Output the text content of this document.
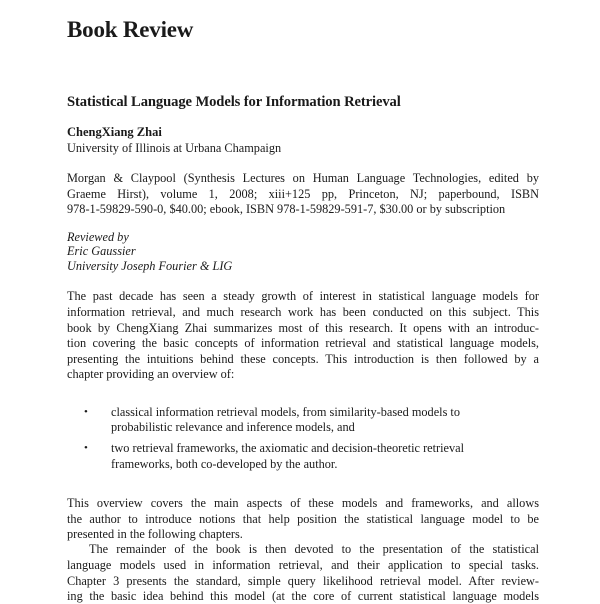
Book Review
Statistical Language Models for Information Retrieval
ChengXiang Zhai
University of Illinois at Urbana Champaign
Morgan & Claypool (Synthesis Lectures on Human Language Technologies, edited by
Graeme Hirst), volume 1, 2008; xiii+125 pp, Princeton, NJ; paperbound, ISBN
978-1-59829-590-0, $40.00; ebook, ISBN 978-1-59829-591-7, $30.00 or by subscription
Reviewed by
Eric Gaussier
University Joseph Fourier & LIG
The past decade has seen a steady growth of interest in statistical language models for
information retrieval, and much research work has been conducted on this subject. This
book by ChengXiang Zhai summarizes most of this research. It opens with an introduc-
tion covering the basic concepts of information retrieval and statistical language models,
presenting the intuitions behind these concepts. This introduction is then followed by a
chapter providing an overview of:
• classical information retrieval models, from similarity-based models to
probabilistic relevance and inference models, and
• two retrieval frameworks, the axiomatic and decision-theoretic retrieval
frameworks, both co-developed by the author.
This overview covers the main aspects of these models and frameworks, and allows
the author to introduce notions that help position the statistical language model to be
presented in the following chapters.
The remainder of the book is then devoted to the presentation of the statistical
language models used in information retrieval, and their application to special tasks.
Chapter 3 presents the standard, simple query likelihood retrieval model. After review-
ing the basic idea behind this model (at the core of current statistical language models
